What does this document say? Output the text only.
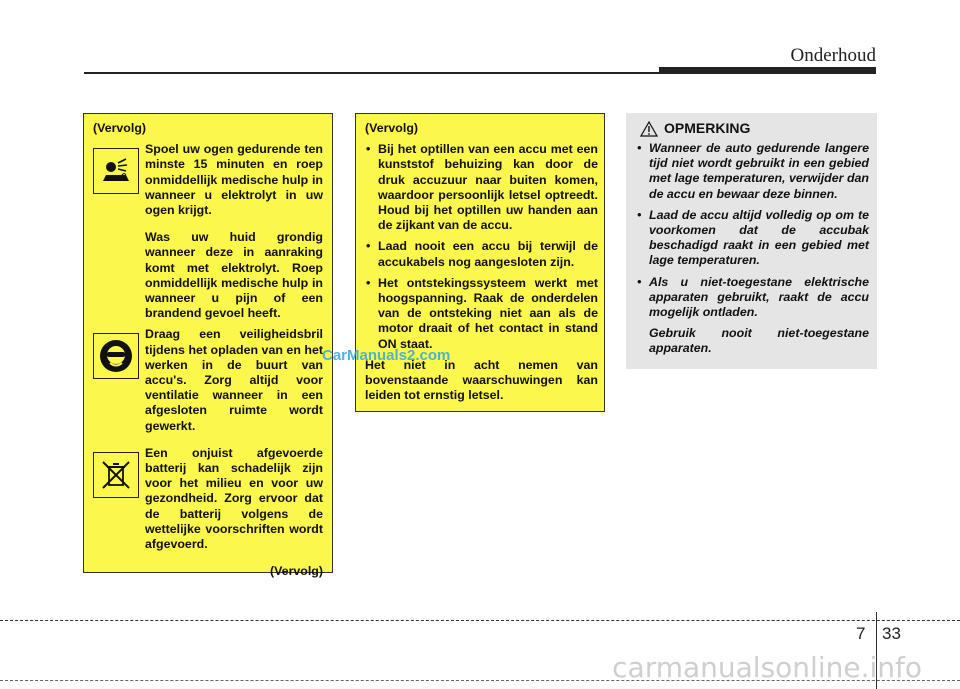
Onderhoud
(Vervolg)

Spoel uw ogen gedurende ten minste 15 minuten en roep onmiddellijk medische hulp in wanneer u elektrolyt in uw ogen krijgt.

Was uw huid grondig wanneer deze in aanraking komt met elektrolyt. Roep onmiddellijk medische hulp in wanneer u pijn of een brandend gevoel heeft.

Draag een veiligheidsbril tijdens het opladen van en het werken in de buurt van accu's. Zorg altijd voor ventilatie wanneer in een afgesloten ruimte wordt gewerkt.

Een onjuist afgevoerde batterij kan schadelijk zijn voor het milieu en voor uw gezondheid. Zorg ervoor dat de batterij volgens de wettelijke voorschriften wordt afgevoerd.

(Vervolg)
(Vervolg)
• Bij het optillen van een accu met een kunststof behuizing kan door de druk accuzuur naar buiten komen, waardoor persoonlijk letsel optreedt. Houd bij het optillen uw handen aan de zijkant van de accu.
• Laad nooit een accu bij terwijl de accukabels nog aangesloten zijn.
• Het ontstekingssysteem werkt met hoogspanning. Raak de onderdelen van de ontsteking niet aan als de motor draait of het contact in stand ON staat.
Het niet in acht nemen van bovenstaande waarschuwingen kan leiden tot ernstig letsel.
OPMERKING
• Wanneer de auto gedurende langere tijd niet wordt gebruikt in een gebied met lage temperaturen, verwijder dan de accu en bewaar deze binnen.
• Laad de accu altijd volledig op om te voorkomen dat de accubak beschadigd raakt in een gebied met lage temperaturen.
• Als u niet-toegestane elektrische apparaten gebruikt, raakt de accu mogelijk ontladen.
Gebruik nooit niet-toegestane apparaten.
CarManuals2.com
7 33
carmanualsonline.info
